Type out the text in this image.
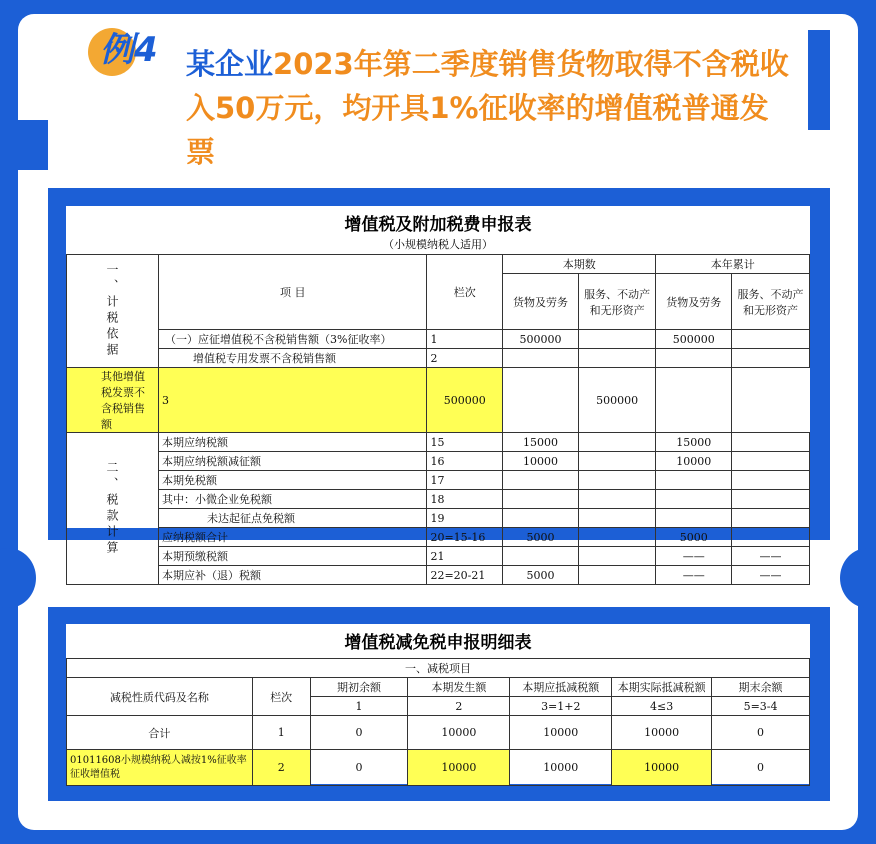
例4 某企业2023年第二季度销售货物取得不含税收入50万元，均开具1%征收率的增值税普通发票
增值税及附加税费申报表
（小规模纳税人适用）
一、计税依据	项 目	栏次	本期数		本年累计	
			货物及劳务	服务、不动产和无形资产	货物及劳务	服务、不动产和无形资产
	（一）应征增值税不含税销售额（3%征收率）	1	500000		500000	
	增值税专用发票不含税销售额	2				
其他增值税发票不含税销售额	3	500000		500000		
二、税款计算	本期应纳税额	15	15000		15000	
	本期应纳税额减征额	16	10000		10000	
	本期免税额	17				
	其中：小微企业免税额	18				
	未达起征点免税额	19				
	应纳税额合计	20=15-16	5000		5000	
	本期预缴税额	21			——	——
	本期应补（退）税额	22=20-21	5000		——	——
增值税减免税申报明细表
一、减税项目						
减税性质代码及名称	栏次	期初余额	本期发生额	本期应抵减税额	本期实际抵减税额	期末余额
		1	2	3=1+2	4≤3	5=3-4
合计	1	0	10000	10000	10000	0
01011608小规模纳税人减按1%征收率征收增值税	2	0	10000	10000	10000	0
